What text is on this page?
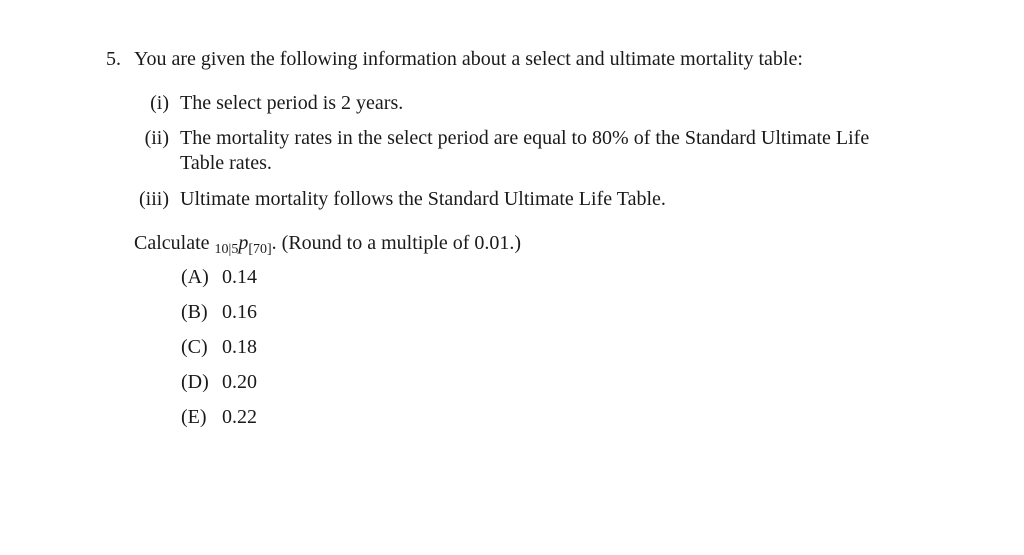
5. You are given the following information about a select and ultimate mortality table:
(i) The select period is 2 years.
(ii) The mortality rates in the select period are equal to 80% of the Standard Ultimate Life
Table rates.
(iii) Ultimate mortality follows the Standard Ultimate Life Table.
Calculate $_{10|5}p_{[70]}$. (Round to a multiple of 0.01.)
(A) 0.14
(B) 0.16
(C) 0.18
(D) 0.20
(E) 0.22
